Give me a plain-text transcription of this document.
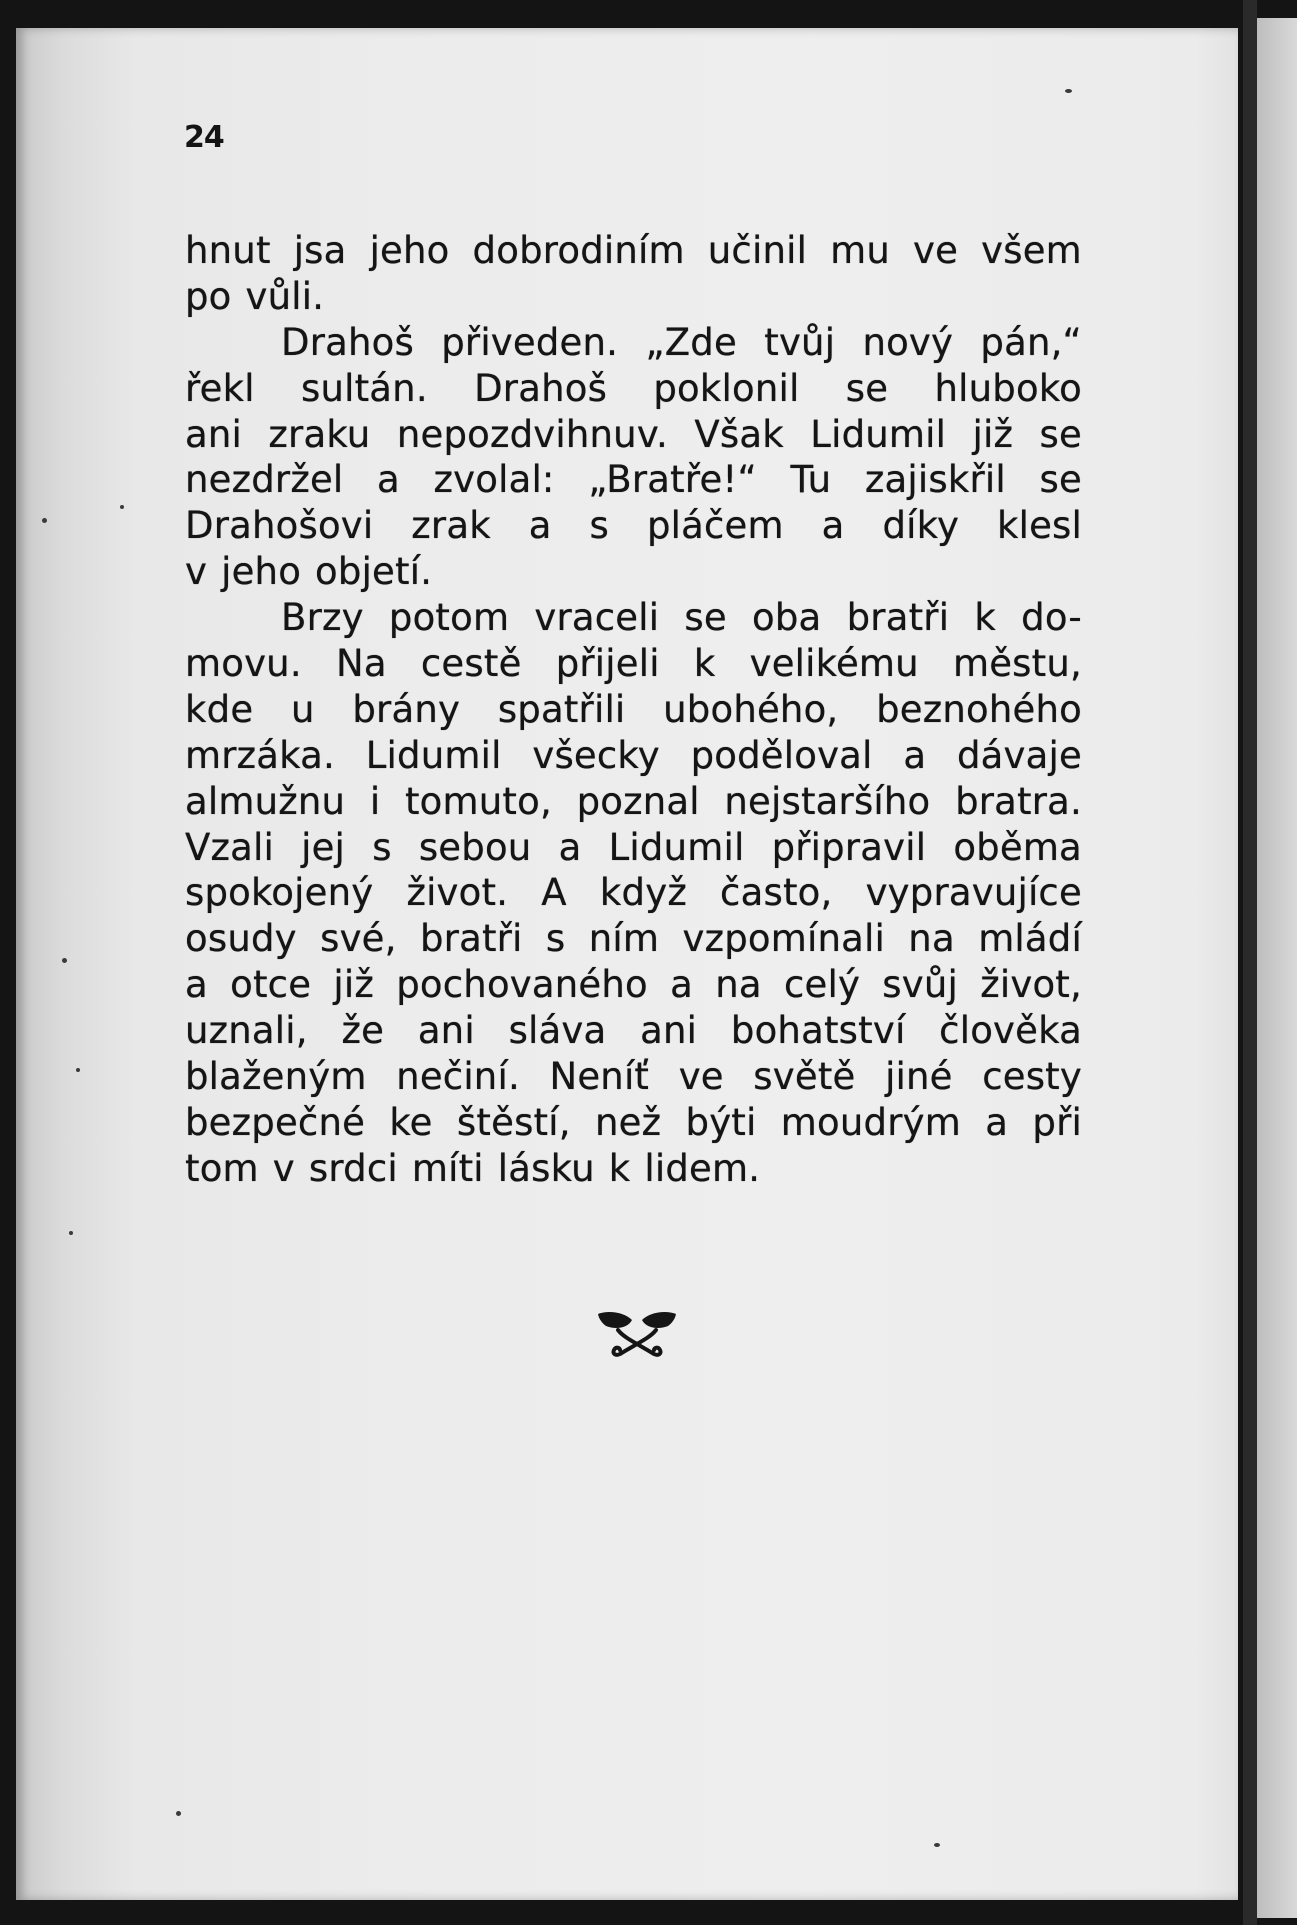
24
hnut jsa jeho dobrodiním učinil mu ve všem
po vůli.
Drahoš přiveden. „Zde tvůj nový pán,“
řekl sultán. Drahoš poklonil se hluboko
ani zraku nepozdvihnuv. Však Lidumil již se
nezdržel a zvolal: „Bratře!“ Tu zajiskřil se
Drahošovi zrak a s pláčem a díky klesl
v jeho objetí.
Brzy potom vraceli se oba bratři k do-
movu. Na cestě přijeli k velikému městu,
kde u brány spatřili ubohého, beznohého
mrzáka. Lidumil všecky poděloval a dávaje
almužnu i tomuto, poznal nejstaršího bratra.
Vzali jej s sebou a Lidumil připravil oběma
spokojený život. A když často, vypravujíce
osudy své, bratři s ním vzpomínali na mládí
a otce již pochovaného a na celý svůj život,
uznali, že ani sláva ani bohatství člověka
blaženým nečiní. Neníť ve světě jiné cesty
bezpečné ke štěstí, než býti moudrým a při
tom v srdci míti lásku k lidem.
